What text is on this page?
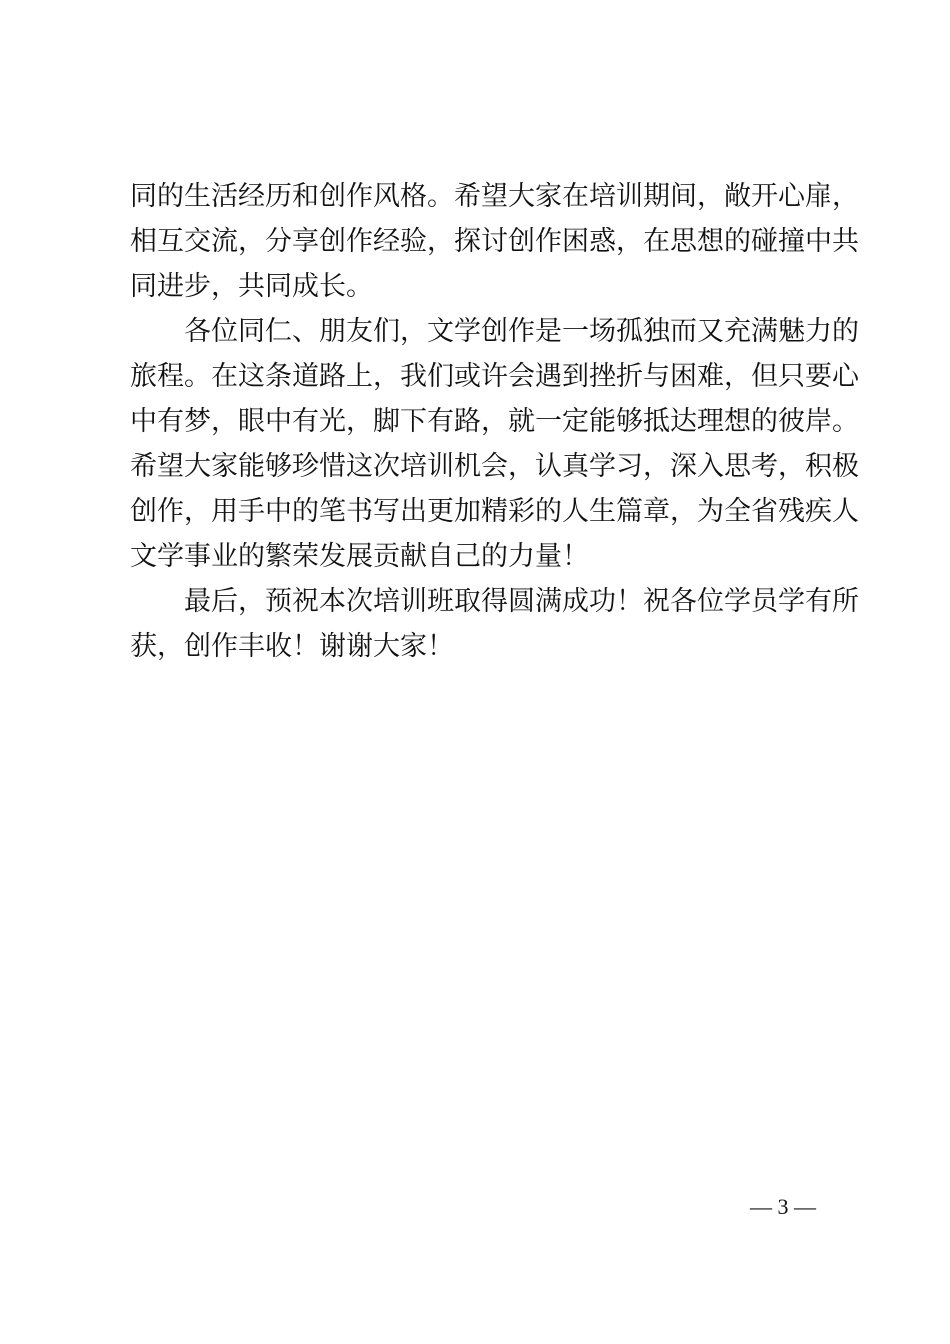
同的生活经历和创作风格。希望大家在培训期间，敞开心扉，
相互交流，分享创作经验，探讨创作困惑，在思想的碰撞中共
同进步，共同成长。
各位同仁、朋友们，文学创作是一场孤独而又充满魅力的
旅程。在这条道路上，我们或许会遇到挫折与困难，但只要心
中有梦，眼中有光，脚下有路，就一定能够抵达理想的彼岸。
希望大家能够珍惜这次培训机会，认真学习，深入思考，积极
创作，用手中的笔书写出更加精彩的人生篇章，为全省残疾人
文学事业的繁荣发展贡献自己的力量！
最后，预祝本次培训班取得圆满成功！祝各位学员学有所
获，创作丰收！谢谢大家！
— 3 —
